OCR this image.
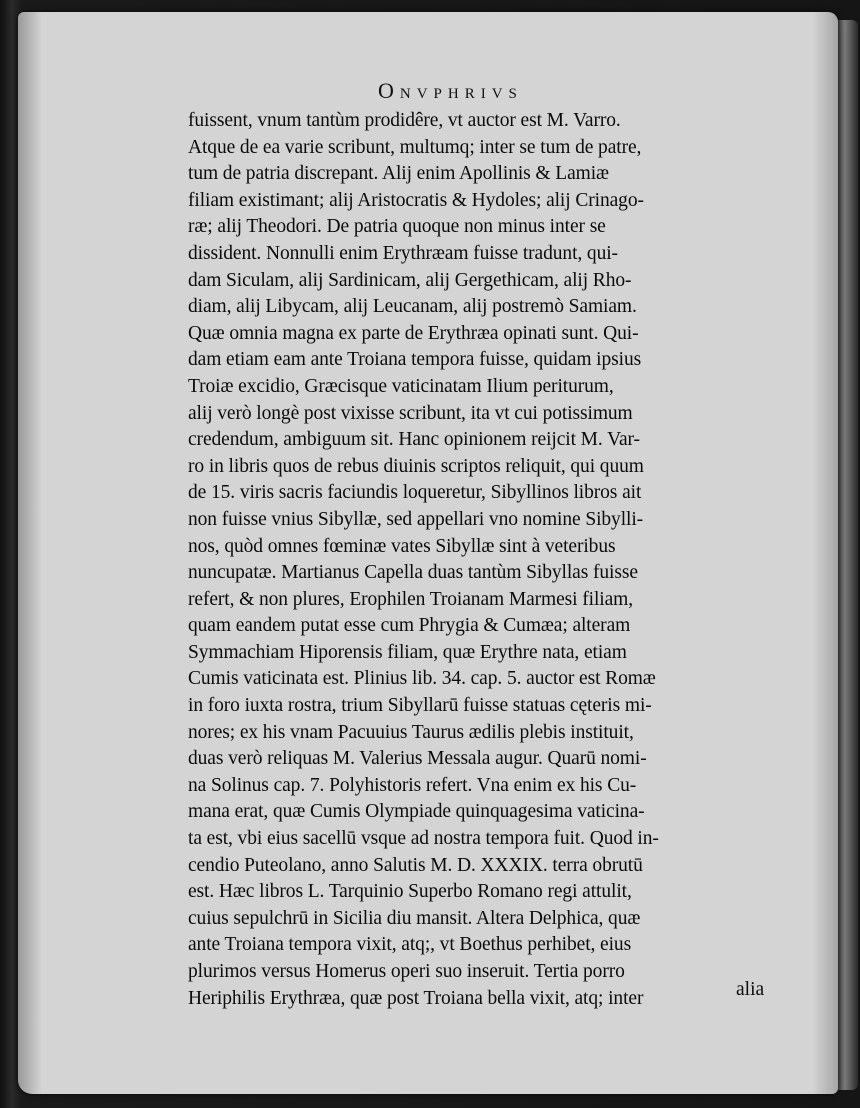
Onvphrivs
fuissent, vnum tantùm prodidêre, vt auctor est M. Varro.
Atque de ea varie scribunt, multumq; inter se tum de patre,
tum de patria discrepant. Alij enim Apollinis & Lamiæ
filiam existimant; alij Aristocratis & Hydoles; alij Crinago-
ræ; alij Theodori. De patria quoque non minus inter se
dissident. Nonnulli enim Erythræam fuisse tradunt, qui-
dam Siculam, alij Sardinicam, alij Gergethicam, alij Rho-
diam, alij Libycam, alij Leucanam, alij postremò Samiam.
Quæ omnia magna ex parte de Erythræa opinati sunt. Qui-
dam etiam eam ante Troiana tempora fuisse, quidam ipsius
Troiæ excidio, Græcisque vaticinatam Ilium periturum,
alij verò longè post vixisse scribunt, ita vt cui potissimum
credendum, ambiguum sit. Hanc opinionem reijcit M. Var-
ro in libris quos de rebus diuinis scriptos reliquit, qui quum
de 15. viris sacris faciundis loqueretur, Sibyllinos libros ait
non fuisse vnius Sibyllæ, sed appellari vno nomine Sibylli-
nos, quòd omnes fœminæ vates Sibyllæ sint à veteribus
nuncupatæ. Martianus Capella duas tantùm Sibyllas fuisse
refert, & non plures, Erophilen Troianam Marmesi filiam,
quam eandem putat esse cum Phrygia & Cumæa; alteram
Symmachiam Hiporensis filiam, quæ Erythre nata, etiam
Cumis vaticinata est. Plinius lib. 34. cap. 5. auctor est Romæ
in foro iuxta rostra, trium Sibyllarū fuisse statuas cęteris mi-
nores; ex his vnam Pacuuius Taurus ædilis plebis instituit,
duas verò reliquas M. Valerius Messala augur. Quarū nomi-
na Solinus cap. 7. Polyhistoris refert. Vna enim ex his Cu-
mana erat, quæ Cumis Olympiade quinquagesima vaticina-
ta est, vbi eius sacellū vsque ad nostra tempora fuit. Quod in-
cendio Puteolano, anno Salutis M. D. XXXIX. terra obrutū
est. Hæc libros L. Tarquinio Superbo Romano regi attulit,
cuius sepulchrū in Sicilia diu mansit. Altera Delphica, quæ
ante Troiana tempora vixit, atq;, vt Boethus perhibet, eius
plurimos versus Homerus operi suo inseruit. Tertia porro
Heriphilis Erythræa, quæ post Troiana bella vixit, atq; inter	alia
